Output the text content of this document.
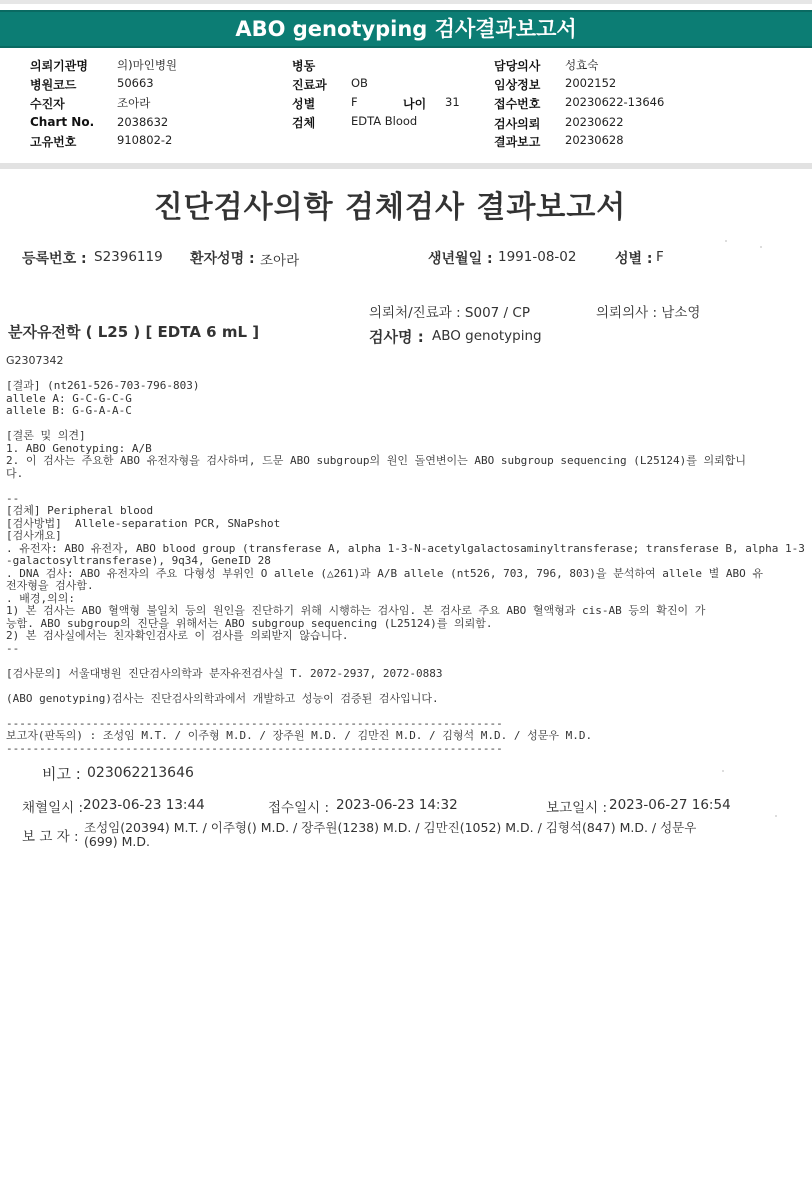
ABO genotyping 검사결과보고서
의뢰기관명	의)마인병원
병원코드	50663
수진자	조아라
Chart No. 2038632
고유번호	910802-2
병동
진료과 OB
성별	F	나이 31
검체	EDTA Blood
담당의사 성효숙
임상정보 2002152
접수번호 20230622-13646
검사의뢰 20230622
결과보고 20230628
진단검사의학 검체검사 결과보고서
등록번호 : S2396119 환자성명 : 조아라	생년월일 : 1991-08-02	성별 : F
의뢰처/진료과 : S007 / CP	의뢰의사 : 남소영
분자유전학 ( L25 ) [ EDTA 6 mL ]	검사명 : ABO genotyping
G2307342
[결과] (nt261-526-703-796-803)
allele A: G-C-G-C-G
allele B: G-G-A-A-C
[결론 및 의견]
1. ABO Genotyping: A/B
2. 이 검사는 주요한 ABO 유전자형을 검사하며, 드문 ABO subgroup의 원인 돌연변이는 ABO subgroup sequencing (L25124)를 의뢰합니
다.
--
[검체] Peripheral blood
[검사방법]  Allele-separation PCR, SNaPshot
[검사개요]
. 유전자: ABO 유전자, ABO blood group (transferase A, alpha 1-3-N-acetylgalactosaminyltransferase; transferase B, alpha 1-3
-galactosyltransferase), 9q34, GeneID 28
. DNA 검사: ABO 유전자의 주요 다형성 부위인 O allele (△261)과 A/B allele (nt526, 703, 796, 803)을 분석하여 allele 별 ABO 유
전자형을 검사함.
. 배경,의의:
1) 본 검사는 ABO 혈액형 불일치 등의 원인을 진단하기 위해 시행하는 검사임. 본 검사로 주요 ABO 혈액형과 cis-AB 등의 확진이 가
능함. ABO subgroup의 진단을 위해서는 ABO subgroup sequencing (L25124)를 의뢰함.
2) 본 검사실에서는 친자확인검사로 이 검사를 의뢰받지 않습니다.
--
[검사문의] 서울대병원 진단검사의학과 분자유전검사실 T. 2072-2937, 2072-0883
(ABO genotyping)검사는 진단검사의학과에서 개발하고 성능이 검증된 검사입니다.
---------------------------------------------------------------------------
보고자(판독의) : 조성임 M.T. / 이주형 M.D. / 장주원 M.D. / 김만진 M.D. / 김형석 M.D. / 성문우 M.D.
---------------------------------------------------------------------------
비고 : 023062213646
채혈일시 : 2023-06-23 13:44	접수일시 : 2023-06-23 14:32	보고일시 : 2023-06-27 16:54
보 고 자 :
조성임(20394) M.T. / 이주형() M.D. / 장주원(1238) M.D. / 김만진(1052) M.D. / 김형석(847) M.D. / 성문우
(699) M.D.
